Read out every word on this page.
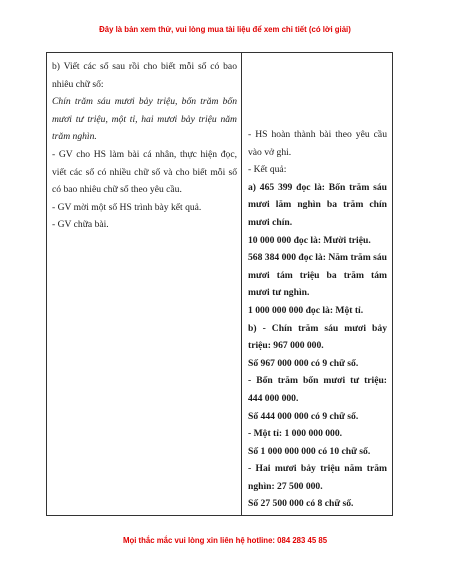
Đây là bản xem thử, vui lòng mua tài liệu để xem chi tiết (có lời giải)

b) Viết các số sau rồi cho biết mỗi số có bao nhiêu chữ số:

Chín trăm sáu mươi bảy triệu, bốn trăm bốn mươi tư triệu, một tỉ, hai mươi bảy triệu năm trăm nghìn.

- GV cho HS làm bài cá nhân, thực hiện đọc, viết các số có nhiều chữ số và cho biết mỗi số có bao nhiêu chữ số theo yêu cầu.

- GV mời một số HS trình bày kết quả.

- GV chữa bài.

- HS hoàn thành bài theo yêu cầu vào vở ghi.

- Kết quả:

a) 465 399 đọc là: Bốn trăm sáu mươi lăm nghìn ba trăm chín mươi chín.

10 000 000 đọc là: Mười triệu.

568 384 000 đọc là: Năm trăm sáu mươi tám triệu ba trăm tám mươi tư nghìn.

1 000 000 000 đọc là: Một tỉ.

b) - Chín trăm sáu mươi bảy triệu: 967 000 000.

Số 967 000 000 có 9 chữ số.

- Bốn trăm bốn mươi tư triệu: 444 000 000.

Số 444 000 000 có 9 chữ số.

- Một tỉ: 1 000 000 000.

Số 1 000 000 000 có 10 chữ số.

- Hai mươi bảy triệu năm trăm nghìn: 27 500 000.

Số 27 500 000 có 8 chữ số.

Mọi thắc mắc vui lòng xin liên hệ hotline: 084 283 45 85
